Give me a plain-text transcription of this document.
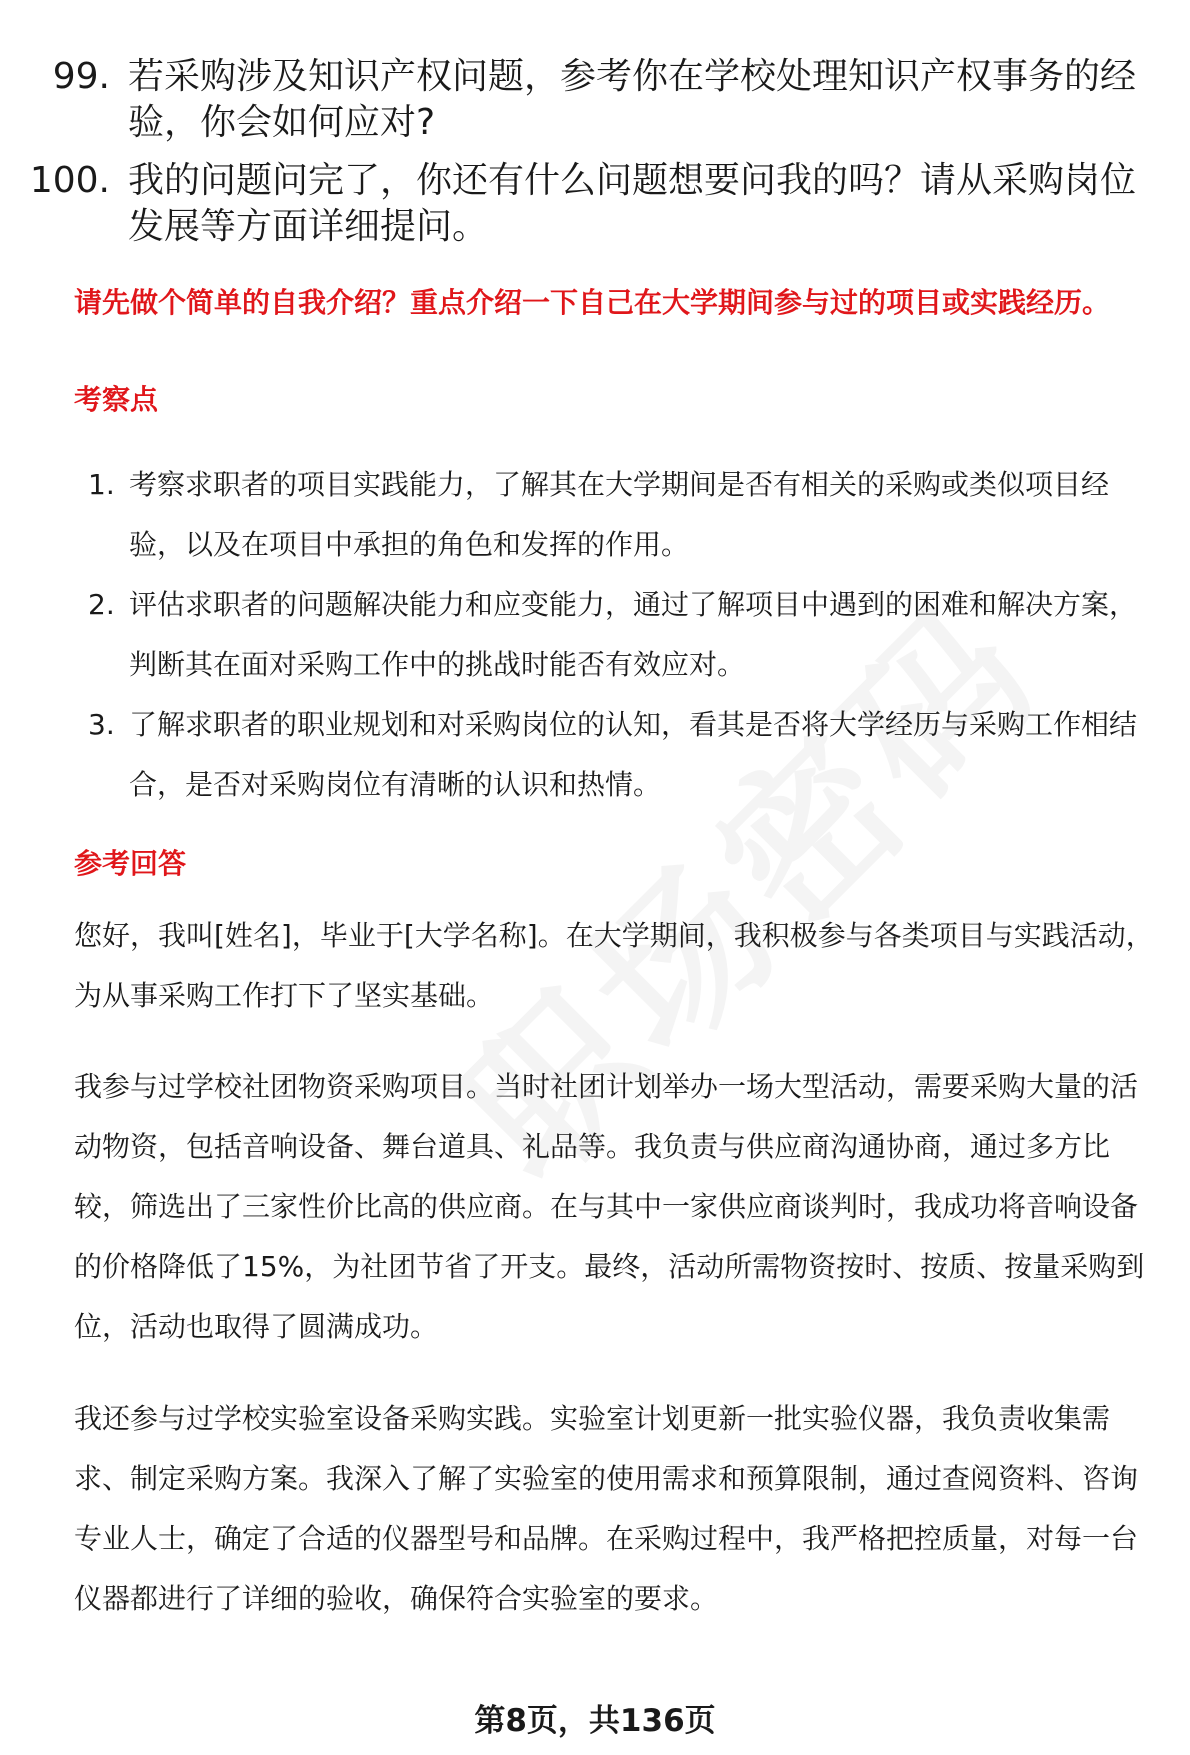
99. 若采购涉及知识产权问题，参考你在学校处理知识产权事务的经验，你会如何应对?
100. 我的问题问完了，你还有什么问题想要问我的吗？请从采购岗位发展等方面详细提问。
请先做个简单的自我介绍？重点介绍一下自己在大学期间参与过的项目或实践经历。
考察点
1. 考察求职者的项目实践能力，了解其在大学期间是否有相关的采购或类似项目经验，以及在项目中承担的角色和发挥的作用。
2. 评估求职者的问题解决能力和应变能力，通过了解项目中遇到的困难和解决方案，判断其在面对采购工作中的挑战时能否有效应对。
3. 了解求职者的职业规划和对采购岗位的认知，看其是否将大学经历与采购工作相结合，是否对采购岗位有清晰的认识和热情。
参考回答
您好，我叫[姓名]，毕业于[大学名称]。在大学期间，我积极参与各类项目与实践活动，为从事采购工作打下了坚实基础。
我参与过学校社团物资采购项目。当时社团计划举办一场大型活动，需要采购大量的活动物资，包括音响设备、舞台道具、礼品等。我负责与供应商沟通协商，通过多方比较，筛选出了三家性价比高的供应商。在与其中一家供应商谈判时，我成功将音响设备的价格降低了15%，为社团节省了开支。最终，活动所需物资按时、按质、按量采购到位，活动也取得了圆满成功。
我还参与过学校实验室设备采购实践。实验室计划更新一批实验仪器，我负责收集需求、制定采购方案。我深入了解了实验室的使用需求和预算限制，通过查阅资料、咨询专业人士，确定了合适的仪器型号和品牌。在采购过程中，我严格把控质量，对每一台仪器都进行了详细的验收，确保符合实验室的要求。
第8页，共136页
